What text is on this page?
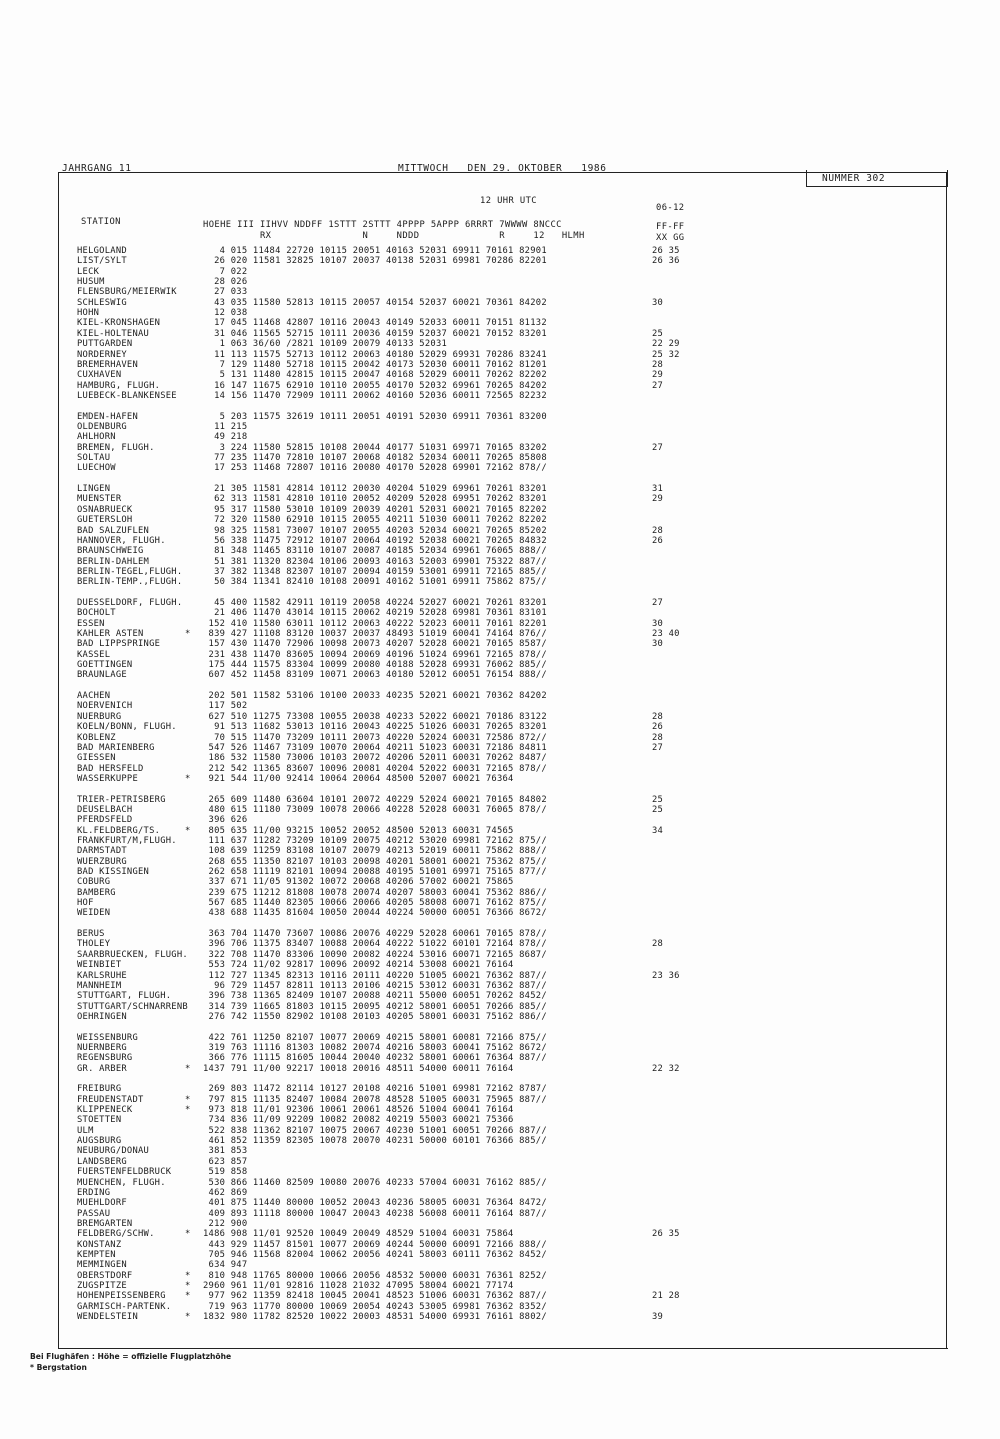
JAHRGANG 11	MITTWOCH   DEN 29. OKTOBER   1986
NUMMER 302
12 UHR UTC
06-12
STATION	HOEHE III IIHVV NDDFF 1STTT 2STTT 4PPPP 5APPP 6RRRT 7WWWW 8NCCC
RX                N     NDDD              R     12   HLMH
FF-FF
XX GG
HELGOLAND	4 015 11484 22720 10115 20051 40163 52031 69911 70161 82901	26 35
LIST/SYLT	26 020 11581 32825 10107 20037 40138 52031 69981 70286 82201	26 36
LECK	7 022
HUSUM	28 026
FLENSBURG/MEIERWIK	27 033
SCHLESWIG	43 035 11580 52813 10115 20057 40154 52037 60021 70361 84202	30
HOHN	12 038
KIEL-KRONSHAGEN	17 045 11468 42807 10116 20043 40149 52033 60011 70151 81132
KIEL-HOLTENAU	31 046 11565 52715 10111 20036 40159 52037 60021 70152 83201	25
PUTTGARDEN	1 063 36/60 /2821 10109 20079 40133 52031	22 29
NORDERNEY	11 113 11575 52713 10112 20063 40180 52029 69931 70286 83241	25 32
BREMERHAVEN	7 129 11480 52718 10115 20042 40173 52030 60011 70162 81201	28
CUXHAVEN	5 131 11480 42815 10115 20047 40168 52029 60011 70262 82202	29
HAMBURG, FLUGH.	16 147 11675 62910 10110 20055 40170 52032 69961 70265 84202	27
LUEBECK-BLANKENSEE	14 156 11470 72909 10111 20062 40160 52036 60011 72565 82232
EMDEN-HAFEN	5 203 11575 32619 10111 20051 40191 52030 69911 70361 83200
OLDENBURG	11 215
AHLHORN	49 218
BREMEN, FLUGH.	3 224 11580 52815 10108 20044 40177 51031 69971 70165 83202	27
SOLTAU	77 235 11470 72810 10107 20068 40182 52034 60011 70265 85808
LUECHOW	17 253 11468 72807 10116 20080 40170 52028 69901 72162 878//
LINGEN	21 305 11581 42814 10112 20030 40204 51029 69961 70261 83201	31
MUENSTER	62 313 11581 42810 10110 20052 40209 52028 69951 70262 83201	29
OSNABRUECK	95 317 11580 53010 10109 20039 40201 52031 60021 70165 82202
GUETERSLOH	72 320 11580 62910 10115 20055 40211 51030 60011 70262 82202
BAD SALZUFLEN	98 325 11581 73007 10107 20055 40203 52034 60021 70265 85202	28
HANNOVER, FLUGH.	56 338 11475 72912 10107 20064 40192 52038 60021 70265 84832	26
BRAUNSCHWEIG	81 348 11465 83110 10107 20087 40185 52034 69961 76065 888//
BERLIN-DAHLEM	51 381 11320 82304 10106 20093 40163 52003 69901 75322 887//
BERLIN-TEGEL,FLUGH.	37 382 11348 82307 10107 20094 40159 53001 69911 72165 885//
BERLIN-TEMP.,FLUGH.	50 384 11341 82410 10108 20091 40162 51001 69911 75862 875//
DUESSELDORF, FLUGH.	45 400 11582 42911 10119 20058 40224 52027 60021 70261 83201	27
BOCHOLT	21 406 11470 43014 10115 20062 40219 52028 69981 70361 83101
ESSEN	152 410 11580 63011 10112 20063 40222 52023 60011 70161 82201	30
KAHLER ASTEN	* 839 427 11108 83120 10037 20037 48493 51019 60041 74164 876//	23 40
BAD LIPPSPRINGE	157 430 11470 72906 10098 20073 40207 52028 60021 70165 8587/	30
KASSEL	231 438 11470 83605 10094 20069 40196 51024 69961 72165 878//
GOETTINGEN	175 444 11575 83304 10099 20080 40188 52028 69931 76062 885//
BRAUNLAGE	607 452 11458 83109 10071 20063 40180 52012 60051 76154 888//
AACHEN	202 501 11582 53106 10100 20033 40235 52021 60021 70362 84202
NOERVENICH	117 502
NUERBURG	627 510 11275 73308 10055 20038 40233 52022 60021 70186 83122	28
KOELN/BONN, FLUGH.	91 513 11682 53013 10116 20043 40225 51026 60031 70265 83201	26
KOBLENZ	70 515 11470 73209 10111 20073 40220 52024 60031 72586 872//	28
BAD MARIENBERG	547 526 11467 73109 10070 20064 40211 51023 60031 72186 84811	27
GIESSEN	186 532 11580 73006 10103 20072 40206 52011 60031 70262 8487/
BAD HERSFELD	212 542 11365 83607 10096 20081 40204 52022 60031 72165 878//
WASSERKUPPE	* 921 544 11/00 92414 10064 20064 48500 52007 60021 76364
TRIER-PETRISBERG	265 609 11480 63604 10101 20072 40229 52024 60021 70165 84802	25
DEUSELBACH	480 615 11180 73009 10078 20066 40228 52028 60031 76065 878//	25
PFERDSFELD	396 626
KL.FELDBERG/TS.	* 805 635 11/00 93215 10052 20052 48500 52013 60031 74565	34
FRANKFURT/M,FLUGH.	111 637 11282 73209 10109 20075 40212 53020 69981 72162 875//
DARMSTADT	108 639 11259 83108 10107 20079 40213 52019 60011 75862 888//
WUERZBURG	268 655 11350 82107 10103 20098 40201 58001 60021 75362 875//
BAD KISSINGEN	262 658 11119 82101 10094 20088 40195 51001 69971 75165 877//
COBURG	337 671 11/05 91302 10072 20068 40206 57002 60021 75865
BAMBERG	239 675 11212 81808 10078 20074 40207 58003 60041 75362 886//
HOF	567 685 11440 82305 10066 20066 40205 58008 60071 76162 875//
WEIDEN	438 688 11435 81604 10050 20044 40224 50000 60051 76366 8672/
BERUS	363 704 11470 73607 10086 20076 40229 52028 60061 70165 878//
THOLEY	396 706 11375 83407 10088 20064 40222 51022 60101 72164 878//	28
SAARBRUECKEN, FLUGH.	322 708 11470 83306 10090 20082 40224 53016 60071 72165 8687/
WEINBIET	553 724 11/02 92817 10096 20092 40214 53008 60021 76164
KARLSRUHE	112 727 11345 82313 10116 20111 40220 51005 60021 76362 887//	23 36
MANNHEIM	96 729 11457 82811 10113 20106 40215 53012 60031 76362 887//
STUTTGART, FLUGH.	396 738 11365 82409 10107 20088 40211 55000 60051 70262 8452/
STUTTGART/SCHNARRENB	314 739 11665 81803 10115 20095 40212 58001 60051 70266 885//
OEHRINGEN	276 742 11550 82902 10108 20103 40205 58001 60031 75162 886//
WEISSENBURG	422 761 11250 82107 10077 20069 40215 58001 60081 72166 875//
NUERNBERG	319 763 11116 81303 10082 20074 40216 58003 60041 75162 8672/
REGENSBURG	366 776 11115 81605 10044 20040 40232 58001 60061 76364 887//
GR. ARBER	* 1437 791 11/00 92217 10018 20016 48511 54000 60011 76164	22 32
FREIBURG	269 803 11472 82114 10127 20108 40216 51001 69981 72162 8787/
FREUDENSTADT	* 797 815 11135 82407 10084 20078 48528 51005 60031 75965 887//
KLIPPENECK	* 973 818 11/01 92306 10061 20061 48526 51004 60041 76164
STOETTEN	734 836 11/09 92209 10082 20082 40219 55003 60021 75366
ULM	522 838 11362 82107 10075 20067 40230 51001 60051 70266 887//
AUGSBURG	461 852 11359 82305 10078 20070 40231 50000 60101 76366 885//
NEUBURG/DONAU	381 853
LANDSBERG	623 857
FUERSTENFELDBRUCK	519 858
MUENCHEN, FLUGH.	530 866 11460 82509 10080 20076 40233 57004 60031 76162 885//
ERDING	462 869
MUEHLDORF	401 875 11440 80000 10052 20043 40236 58005 60031 76364 8472/
PASSAU	409 893 11118 80000 10047 20043 40238 56008 60011 76164 887//
BREMGARTEN	212 900
FELDBERG/SCHW.	* 1486 908 11/01 92520 10049 20049 48529 51004 60031 75864	26 35
KONSTANZ	443 929 11457 81501 10077 20069 40244 50000 60091 72166 888//
KEMPTEN	705 946 11568 82004 10062 20056 40241 58003 60111 76362 8452/
MEMMINGEN	634 947
OBERSTDORF	* 810 948 11765 80000 10066 20056 48532 50000 60031 76361 8252/
ZUGSPITZE	* 2960 961 11/01 92816 11028 21032 47095 58004 60021 77174
HOHENPEISSENBERG	* 977 962 11359 82418 10045 20041 48523 51006 60031 76362 887//	21 28
GARMISCH-PARTENK.	719 963 11770 80000 10069 20054 40243 53005 69981 76362 8352/
WENDELSTEIN	* 1832 980 11782 82520 10022 20003 48531 54000 69931 76161 8802/	39
Bei Flughäfen : Höhe = offizielle Flugplatzhöhe
* Bergstation
